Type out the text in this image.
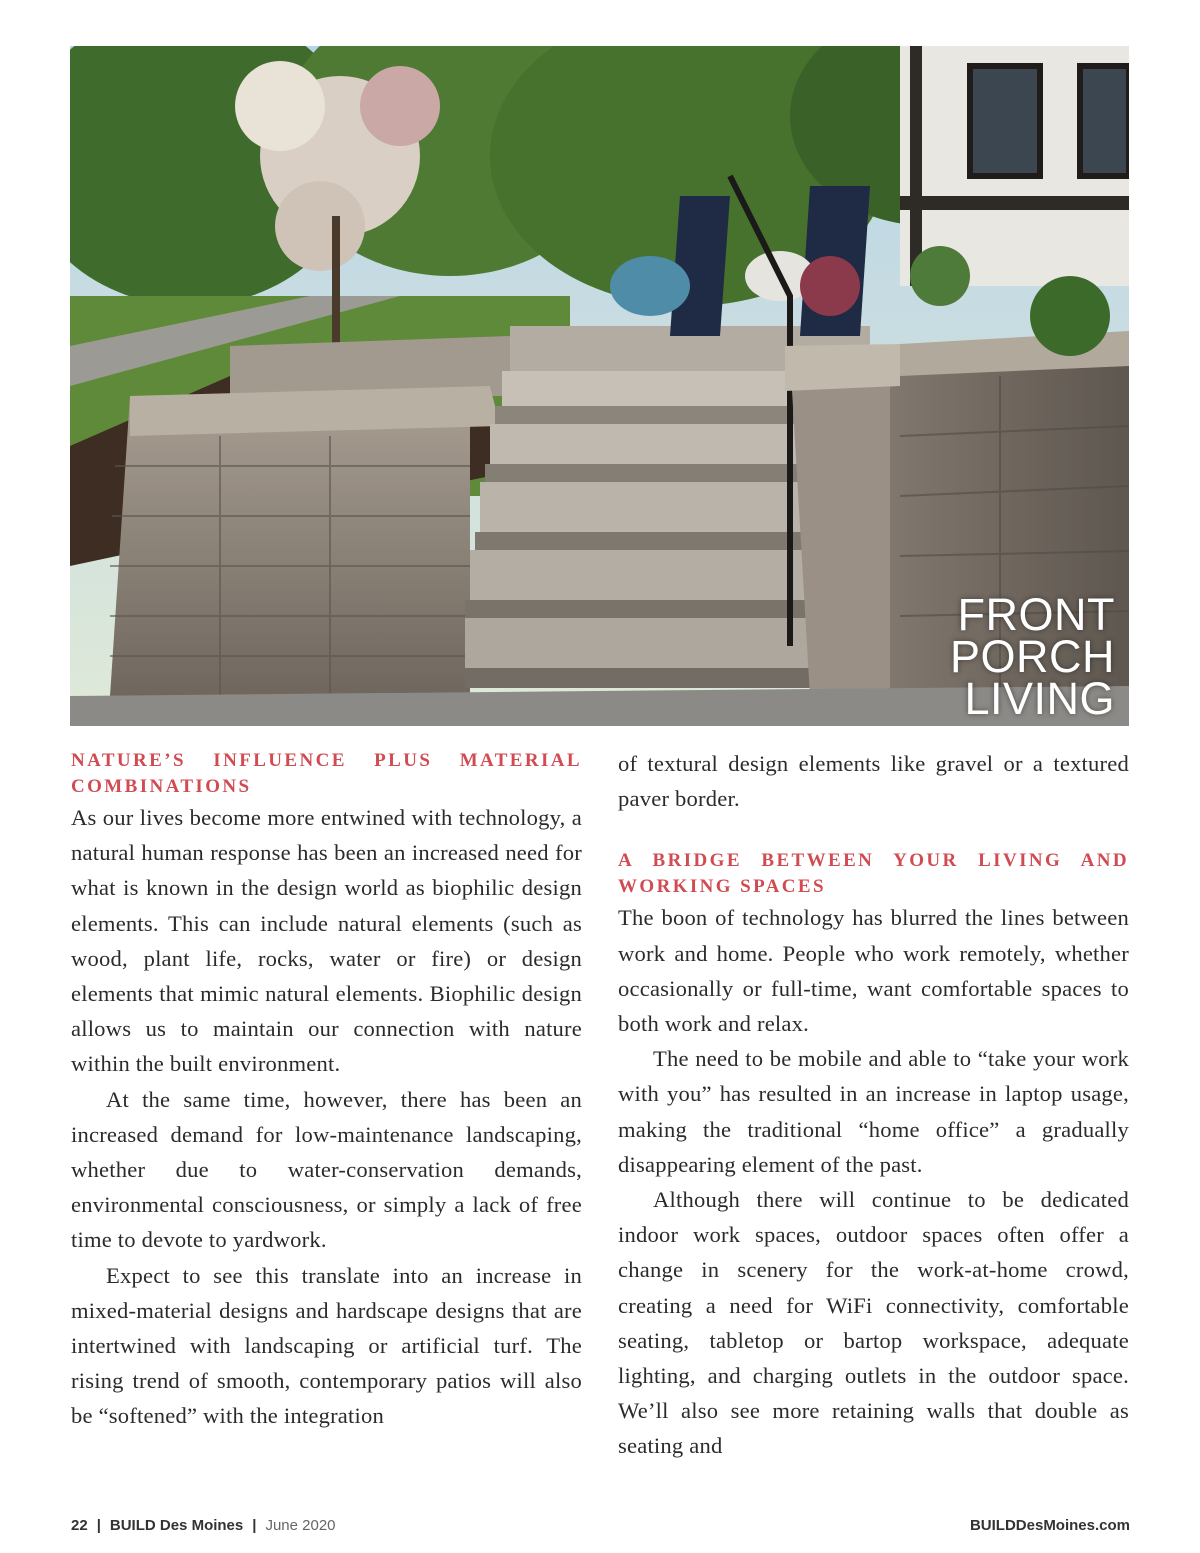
FRONT
PORCH
LIVING
NATURE’S INFLUENCE PLUS MATERIAL COMBINATIONS

As our lives become more entwined with technology, a natural human response has been an increased need for what is known in the design world as biophilic design elements. This can include natural elements (such as wood, plant life, rocks, water or fire) or design elements that mimic natural elements. Biophilic design allows us to maintain our connection with nature within the built environment.

At the same time, however, there has been an increased demand for low-maintenance landscaping, whether due to water-conservation demands, environmental consciousness, or simply a lack of free time to devote to yardwork.

Expect to see this translate into an increase in mixed-material designs and hardscape designs that are intertwined with landscaping or artificial turf. The rising trend of smooth, contemporary patios will also be “softened” with the integration

of textural design elements like gravel or a textured paver border.

A BRIDGE BETWEEN YOUR LIVING AND WORKING SPACES

The boon of technology has blurred the lines between work and home. People who work remotely, whether occasionally or full-time, want comfortable spaces to both work and relax.

The need to be mobile and able to “take your work with you” has resulted in an increase in laptop usage, making the traditional “home office” a gradually disappearing element of the past.

Although there will continue to be dedicated indoor work spaces, outdoor spaces often offer a change in scenery for the work-at-home crowd, creating a need for WiFi connectivity, comfortable seating, tabletop or bartop workspace, adequate lighting, and charging outlets in the outdoor space. We’ll also see more retaining walls that double as seating and

22 | BUILD Des Moines | June 2020	BUILDDesMoines.com
